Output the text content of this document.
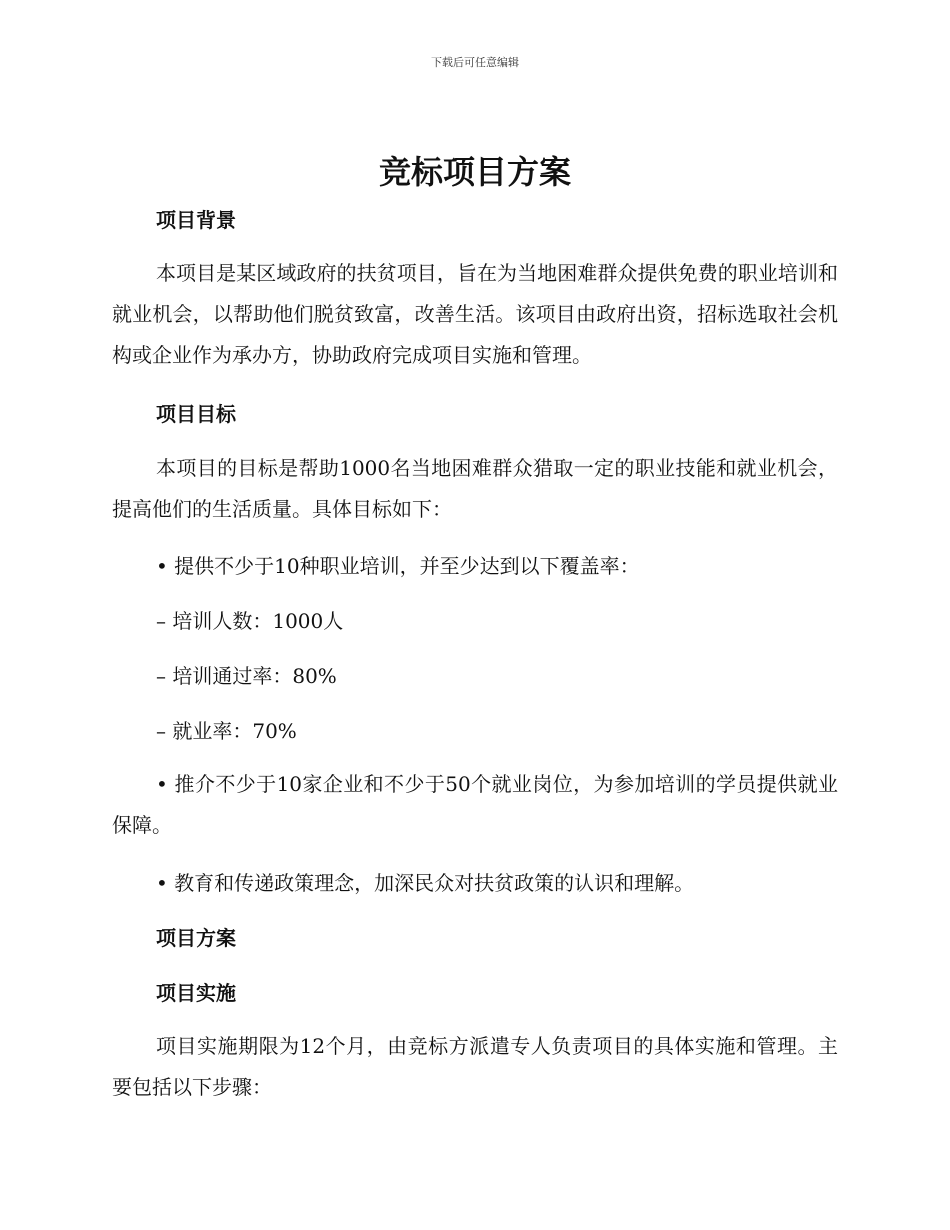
下载后可任意编辑
竞标项目方案
项目背景

本项目是某区域政府的扶贫项目，旨在为当地困难群众提供免费的职业培训和就业机会，以帮助他们脱贫致富，改善生活。该项目由政府出资，招标选取社会机构或企业作为承办方，协助政府完成项目实施和管理。

项目目标

本项目的目标是帮助1000名当地困难群众猎取一定的职业技能和就业机会，提高他们的生活质量。具体目标如下：

• 提供不少于10种职业培训，并至少达到以下覆盖率：

– 培训人数：1000人

– 培训通过率：80%

– 就业率：70%

• 推介不少于10家企业和不少于50个就业岗位，为参加培训的学员提供就业保障。

• 教育和传递政策理念，加深民众对扶贫政策的认识和理解。

项目方案
项目实施

项目实施期限为12个月，由竞标方派遣专人负责项目的具体实施和管理。主要包括以下步骤：
